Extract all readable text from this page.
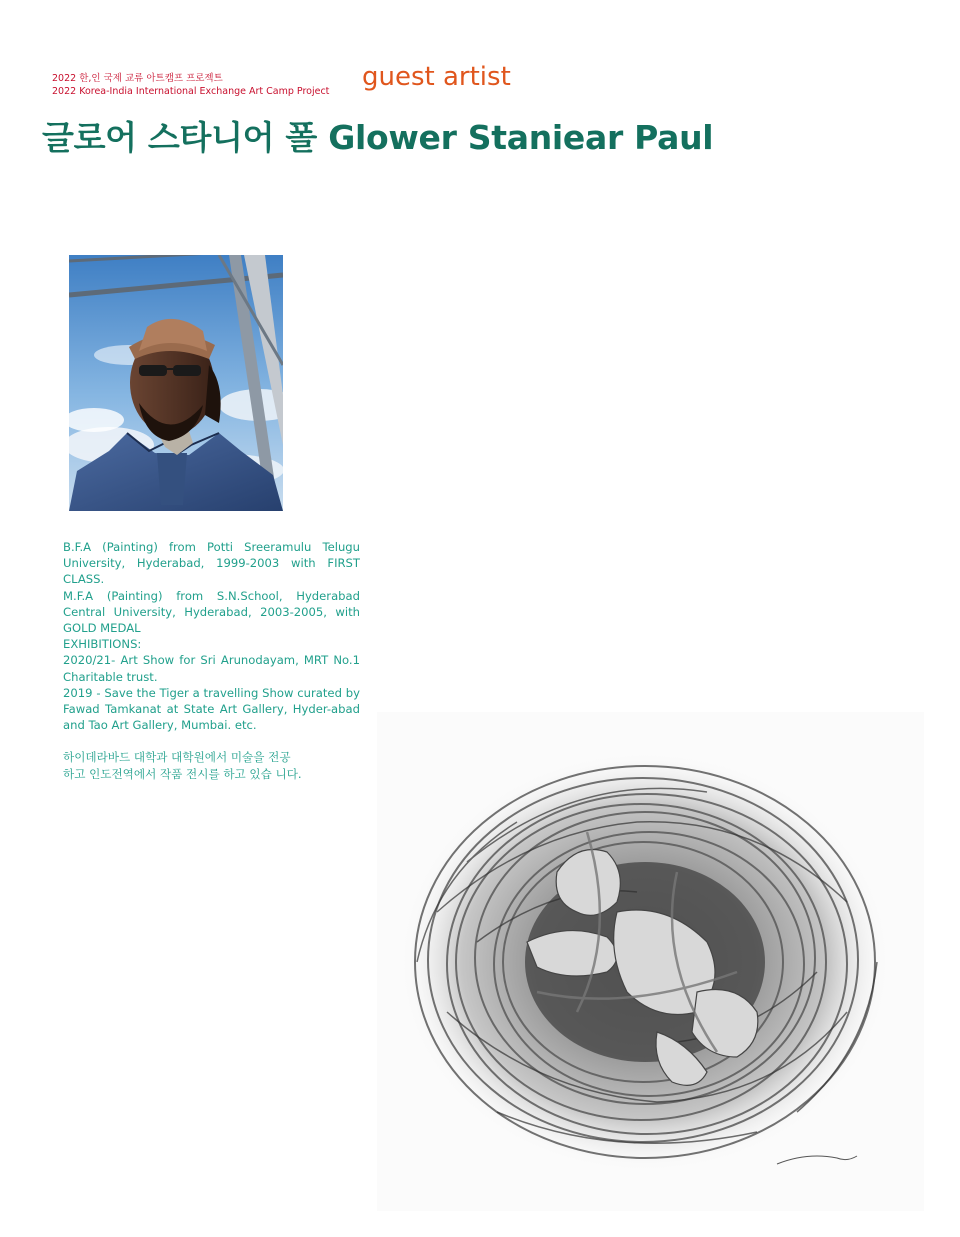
2022 한,인 국제 교류 아트캠프 프로젝트
2022 Korea-India International Exchange Art Camp Project	guest artist
글로어 스타니어 폴 Glower Staniear Paul

B.F.A (Painting) from Potti Sreeramulu Telugu University, Hyderabad, 1999-2003 with FIRST CLASS.

M.F.A (Painting) from S.N.School, Hyderabad Central University, Hyderabad, 2003-2005, with GOLD MEDAL

EXHIBITIONS:

2020/21- Art Show for Sri Arunodayam, MRT No.1 Charitable trust.

2019 - Save the Tiger a travelling Show curated by Fawad Tamkanat at State Art Gallery, Hyder-abad and Tao Art Gallery, Mumbai. etc.

하이데라바드 대학과 대학원에서 미술을 전공

하고 인도전역에서 작품 전시를 하고 있습 니다.
